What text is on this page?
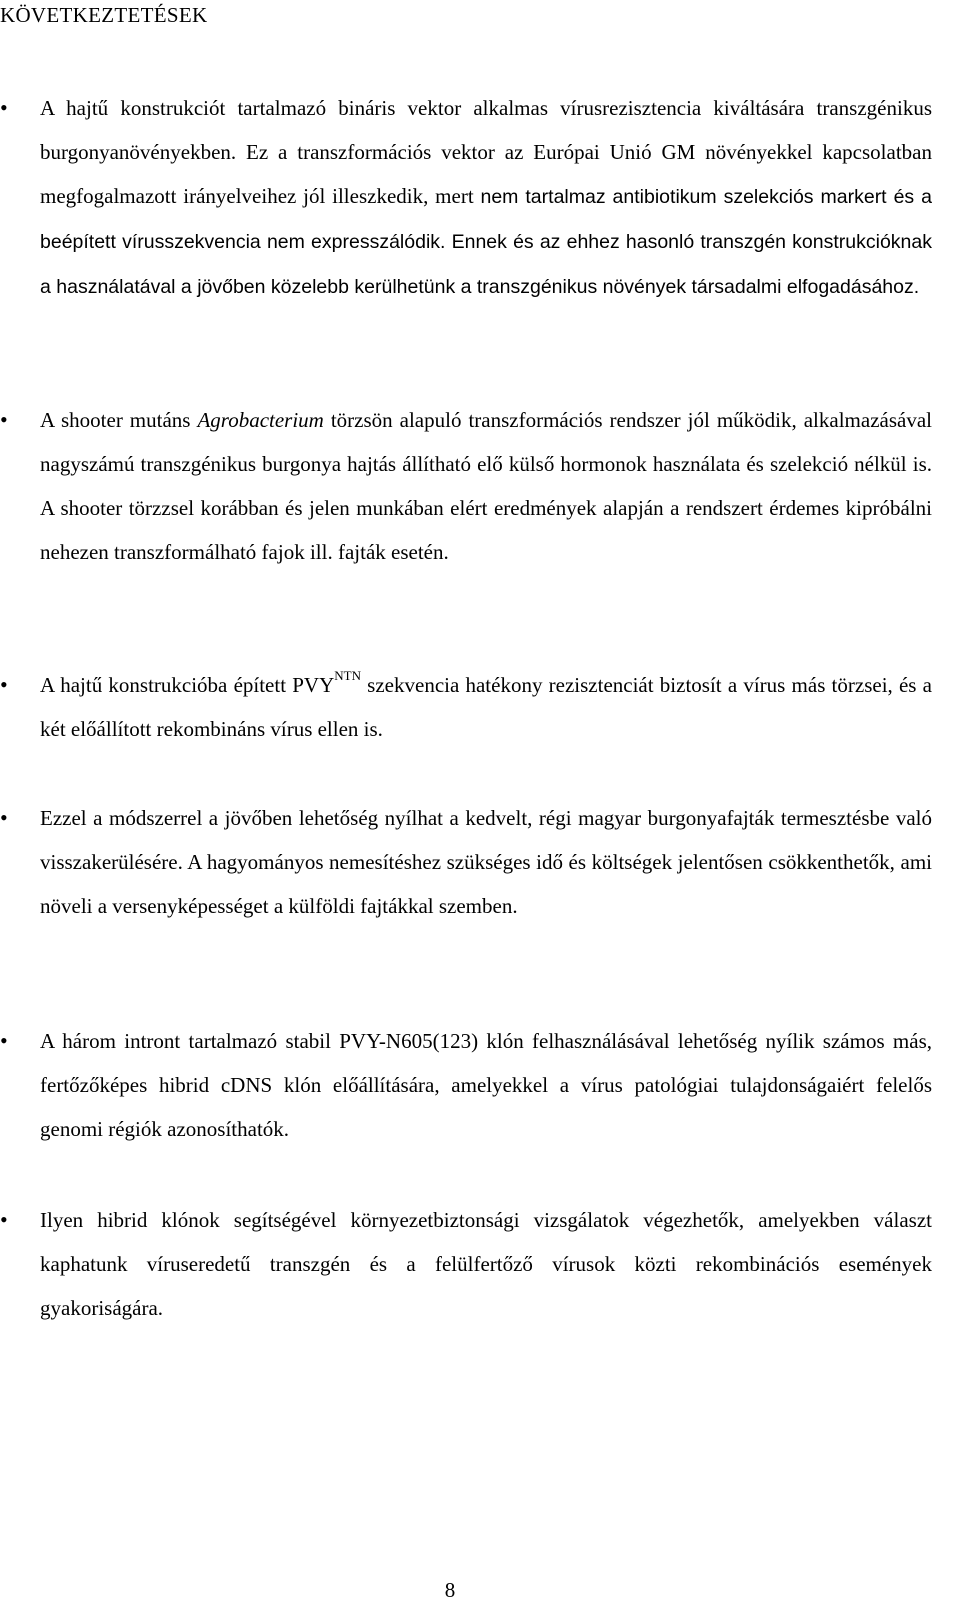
KÖVETKEZTETÉSEK
• A hajtű konstrukciót tartalmazó bináris vektor alkalmas vírusrezisztencia kiváltására transzgénikus burgonyanövényekben. Ez a transzformációs vektor az Európai Unió GM növényekkel kapcsolatban megfogalmazott irányelveihez jól illeszkedik, mert nem tartalmaz antibiotikum szelekciós markert és a beépített vírusszekvencia nem expresszálódik. Ennek és az ehhez hasonló transzgén konstrukcióknak a használatával a jövőben közelebb kerülhetünk a transzgénikus növények társadalmi elfogadásához.
• A shooter mutáns Agrobacterium törzsön alapuló transzformációs rendszer jól működik, alkalmazásával nagyszámú transzgénikus burgonya hajtás állítható elő külső hormonok használata és szelekció nélkül is. A shooter törzzsel korábban és jelen munkában elért eredmények alapján a rendszert érdemes kipróbálni nehezen transzformálható fajok ill. fajták esetén.
• A hajtű konstrukcióba épített $PVY^{NTN}$ szekvencia hatékony rezisztenciát biztosít a vírus más törzsei, és a két előállított rekombináns vírus ellen is.
• Ezzel a módszerrel a jövőben lehetőség nyílhat a kedvelt, régi magyar burgonyafajták termesztésbe való visszakerülésére. A hagyományos nemesítéshez szükséges idő és költségek jelentősen csökkenthetők, ami növeli a versenyképességet a külföldi fajtákkal szemben.
• A három intront tartalmazó stabil PVY-N605(123) klón felhasználásával lehetőség nyílik számos más, fertőzőképes hibrid cDNS klón előállítására, amelyekkel a vírus patológiai tulajdonságaiért felelős genomi régiók azonosíthatók.
• Ilyen hibrid klónok segítségével környezetbiztonsági vizsgálatok végezhetők, amelyekben választ kaphatunk víruseredetű transzgén és a felülfertőző vírusok közti rekombinációs események gyakoriságára.
8
